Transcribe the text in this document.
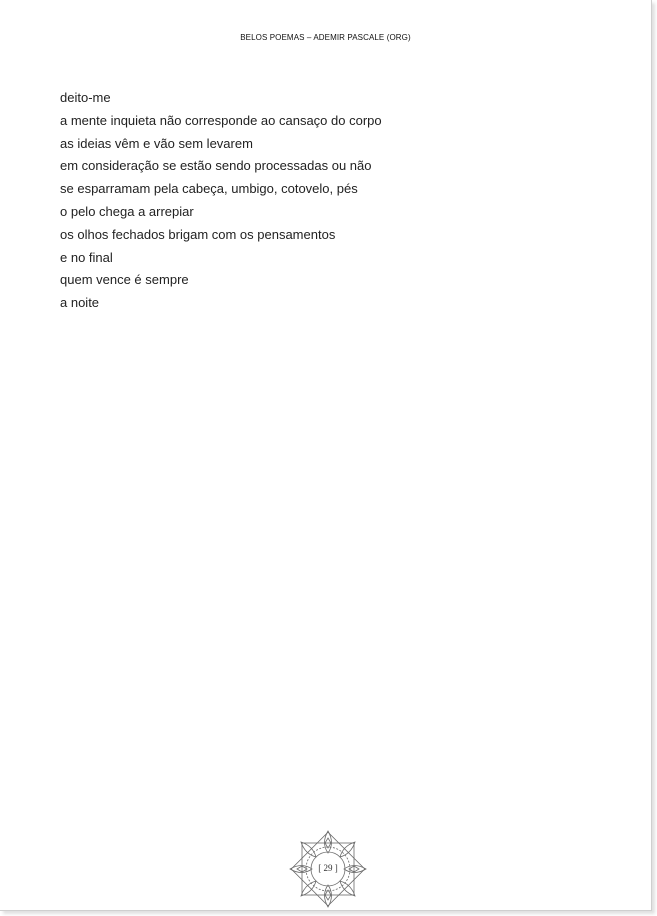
BELOS POEMAS – ADEMIR PASCALE (ORG)
deito-me
a mente inquieta não corresponde ao cansaço do corpo
as ideias vêm e vão sem levarem
em consideração se estão sendo processadas ou não
se esparramam pela cabeça, umbigo, cotovelo, pés
o pelo chega a arrepiar
os olhos fechados brigam com os pensamentos
e no final
quem vence é sempre
a noite
[ 29 ]
